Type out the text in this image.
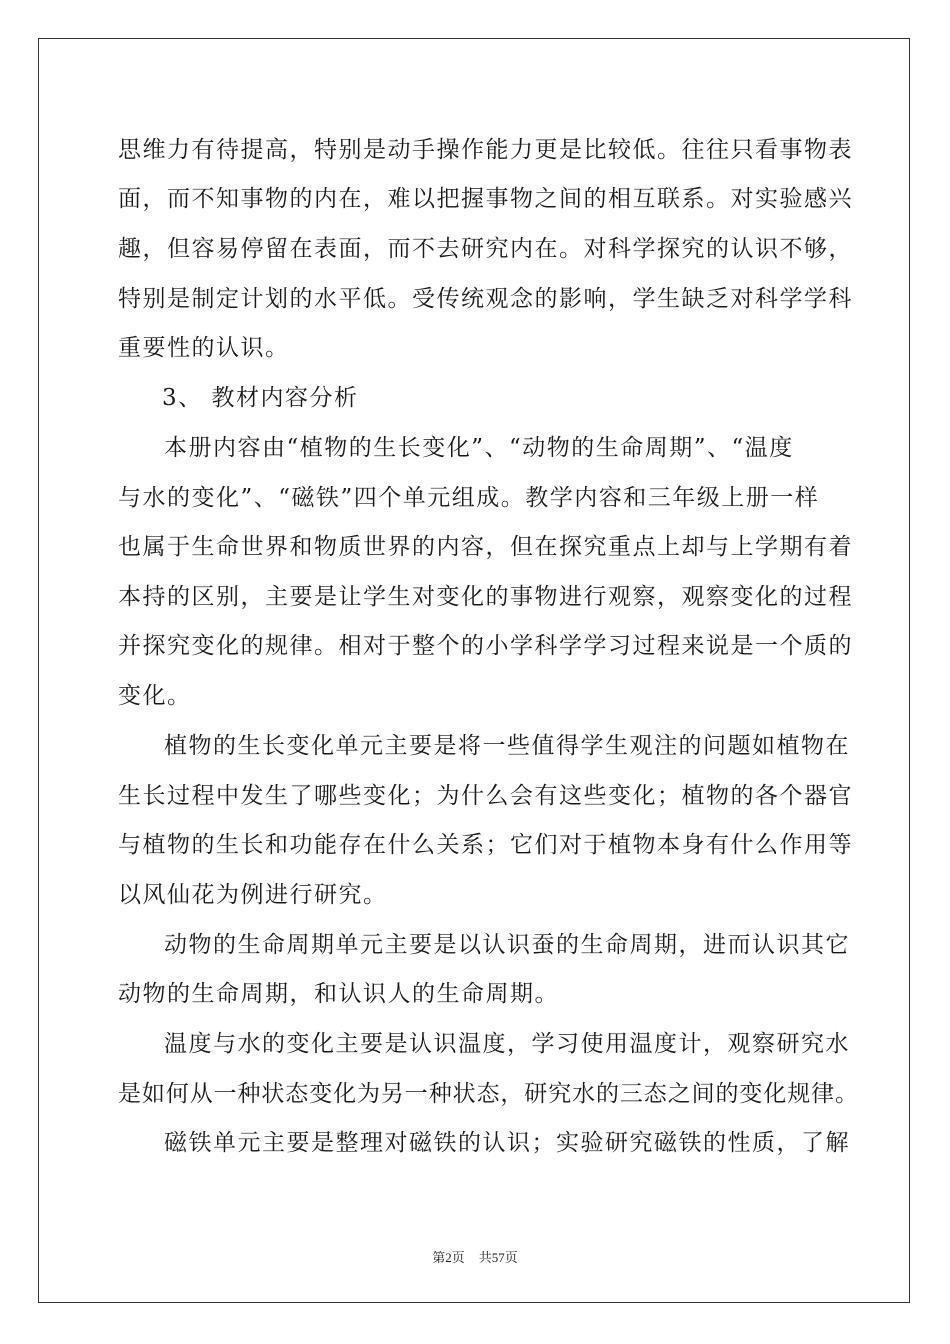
思维力有待提高，特别是动手操作能力更是比较低。往往只看事物表
面，而不知事物的内在，难以把握事物之间的相互联系。对实验感兴
趣，但容易停留在表面，而不去研究内在。对科学探究的认识不够，
特别是制定计划的水平低。受传统观念的影响，学生缺乏对科学学科
重要性的认识。
3、 教材内容分析
本册内容由“植物的生长变化”、“动物的生命周期”、“温度
与水的变化”、“磁铁”四个单元组成。教学内容和三年级上册一样
也属于生命世界和物质世界的内容，但在探究重点上却与上学期有着
本持的区别，主要是让学生对变化的事物进行观察，观察变化的过程
并探究变化的规律。相对于整个的小学科学学习过程来说是一个质的
变化。
植物的生长变化单元主要是将一些值得学生观注的问题如植物在
生长过程中发生了哪些变化；为什么会有这些变化；植物的各个器官
与植物的生长和功能存在什么关系；它们对于植物本身有什么作用等
以风仙花为例进行研究。
动物的生命周期单元主要是以认识蚕的生命周期，进而认识其它
动物的生命周期，和认识人的生命周期。
温度与水的变化主要是认识温度，学习使用温度计，观察研究水
是如何从一种状态变化为另一种状态，研究水的三态之间的变化规律。
磁铁单元主要是整理对磁铁的认识；实验研究磁铁的性质，了解
第2页 共57页
